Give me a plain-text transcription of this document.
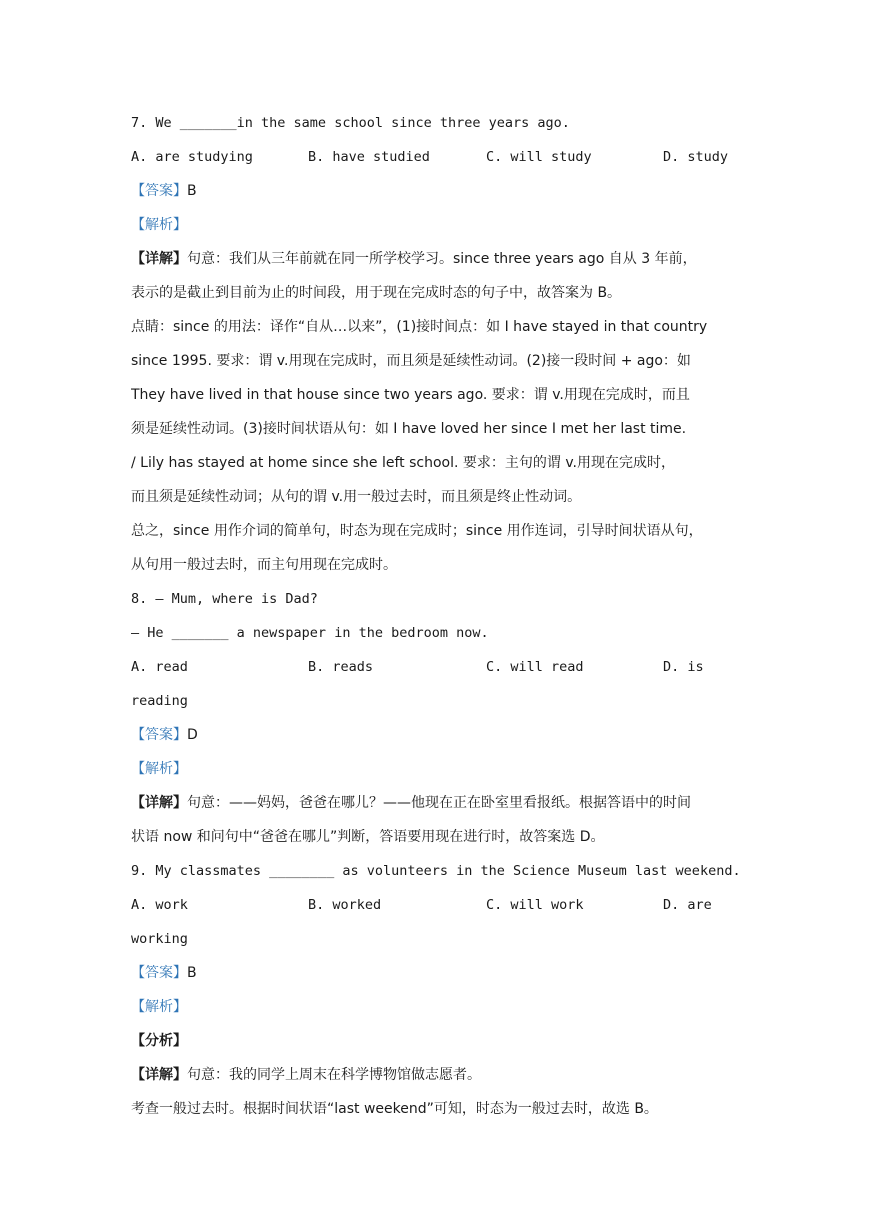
7. We _______in the same school since three years ago.
A. are studying	B. have studied	C. will study	D. study
【答案】B
【解析】
【详解】句意：我们从三年前就在同一所学校学习。since three years ago 自从 3 年前，
表示的是截止到目前为止的时间段，用于现在完成时态的句子中，故答案为 B。
点睛：since 的用法：译作“自从…以来”，(1)接时间点：如 I have stayed in that country
since 1995. 要求：谓 v.用现在完成时，而且须是延续性动词。(2)接一段时间 + ago：如
They have lived in that house since two years ago. 要求：谓 v.用现在完成时，而且
须是延续性动词。(3)接时间状语从句：如 I have loved her since I met her last time.
/ Lily has stayed at home since she left school. 要求：主句的谓 v.用现在完成时，
而且须是延续性动词；从句的谓 v.用一般过去时，而且须是终止性动词。
总之，since 用作介词的简单句，时态为现在完成时；since 用作连词，引导时间状语从句，
从句用一般过去时，而主句用现在完成时。
8. — Mum, where is Dad?
— He _______ a newspaper in the bedroom now.
A. read	B. reads	C. will read	D. is
reading
【答案】D
【解析】
【详解】句意：——妈妈，爸爸在哪儿？——他现在正在卧室里看报纸。根据答语中的时间
状语 now 和问句中“爸爸在哪儿”判断，答语要用现在进行时，故答案选 D。
9. My classmates ________ as volunteers in the Science Museum last weekend.
A. work	B. worked	C. will work	D. are
working
【答案】B
【解析】
【分析】
【详解】句意：我的同学上周末在科学博物馆做志愿者。
考查一般过去时。根据时间状语“last weekend”可知，时态为一般过去时，故选 B。
